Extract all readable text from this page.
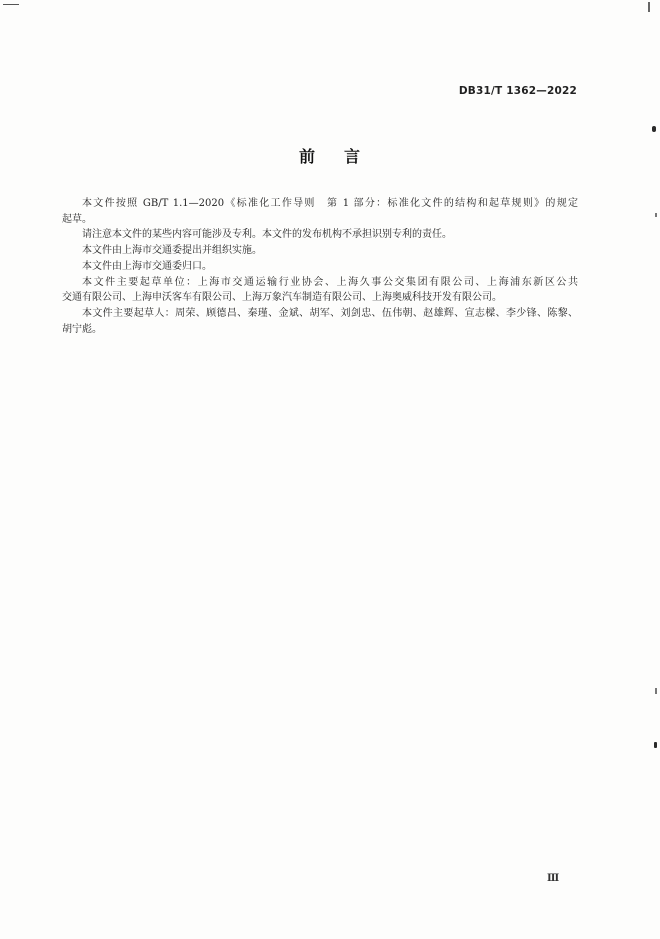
DB31/T 1362—2022
前 言

本文件按照 GB/T 1.1—2020《标准化工作导则　第 1 部分：标准化文件的结构和起草规则》的规定
起草。

请注意本文件的某些内容可能涉及专利。本文件的发布机构不承担识别专利的责任。

本文件由上海市交通委提出并组织实施。

本文件由上海市交通委归口。

本文件主要起草单位：上海市交通运输行业协会、上海久事公交集团有限公司、上海浦东新区公共
交通有限公司、上海申沃客车有限公司、上海万象汽车制造有限公司、上海奥威科技开发有限公司。

本文件主要起草人：周荣、顾德昌、秦瑾、金斌、胡军、刘剑忠、伍伟朝、赵雄辉、宣志樑、李少锋、陈黎、
胡宁彪。

Ⅲ
